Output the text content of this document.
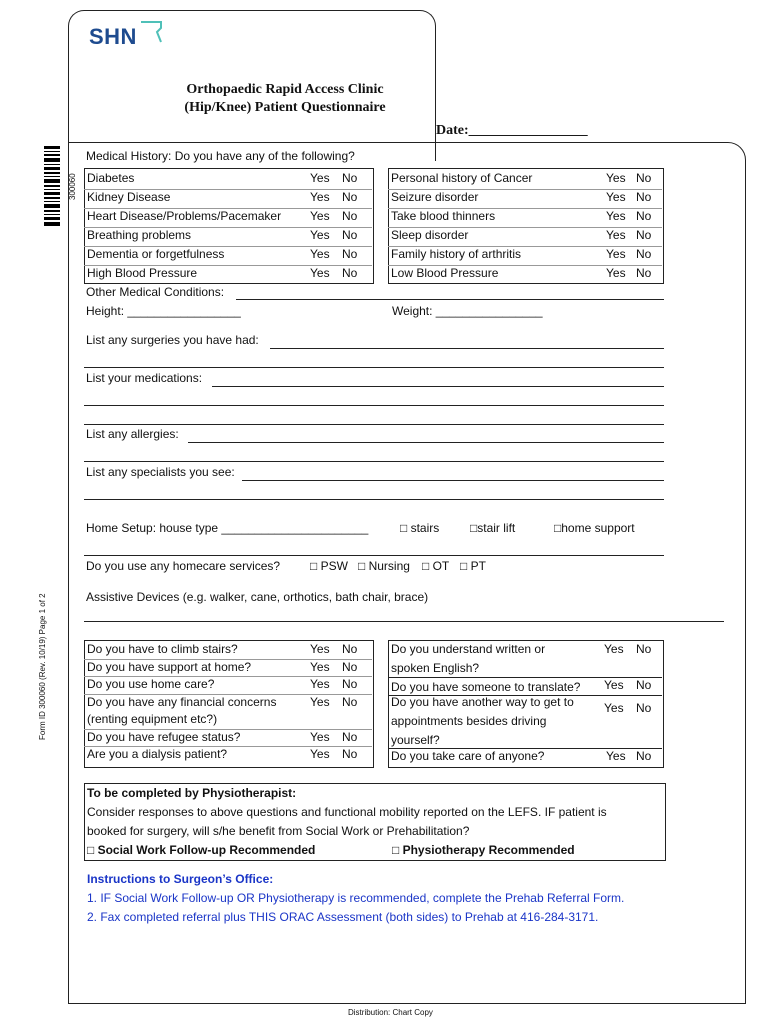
SHN
Orthopaedic Rapid Access Clinic
(Hip/Knee) Patient Questionnaire
Date:_________________
300060
Form ID 300060 (Rev. 10/19) Page 1 of 2
Medical History: Do you have any of the following?
Diabetes	Yes No	Personal history of Cancer	Yes No
Kidney Disease	Yes No	Seizure disorder	Yes No
Heart Disease/Problems/Pacemaker Yes No	Take blood thinners	Yes No
Breathing problems	Yes No	Sleep disorder	Yes No
Dementia or forgetfulness	Yes No	Family history of arthritis	Yes No
High Blood Pressure	Yes No	Low Blood Pressure	Yes No
Other Medical Conditions:
Height: _________________	Weight: ________________
List any surgeries you have had:
List your medications:
List any allergies:
List any specialists you see:
Home Setup: house type ______________________	□ stairs	□stair lift	□home support
Do you use any homecare services? □ PSW □ Nursing □ OT □ PT
Assistive Devices (e.g. walker, cane, orthotics, bath chair, brace)
Do you have to climb stairs?	Yes No
Do you have support at home?	Yes No
Do you use home care?	Yes No
Do you have any financial concerns	Yes No
(renting equipment etc?)
Do you have refugee status?	Yes No
Are you a dialysis patient?	Yes No
Do you understand written or
spoken English?
Yes No
Do you have someone to translate? Yes No
Do you have another way to get to
appointments besides driving
yourself?
Yes No
Do you take care of anyone?	Yes No
To be completed by Physiotherapist:
Consider responses to above questions and functional mobility reported on the LEFS. IF patient is
booked for surgery, will s/he benefit from Social Work or Prehabilitation?
□ Social Work Follow-up Recommended	□ Physiotherapy Recommended
Instructions to Surgeon’s Office:
1. IF Social Work Follow-up OR Physiotherapy is recommended, complete the Prehab Referral Form.
2. Fax completed referral plus THIS ORAC Assessment (both sides) to Prehab at 416-284-3171.
Distribution: Chart Copy
